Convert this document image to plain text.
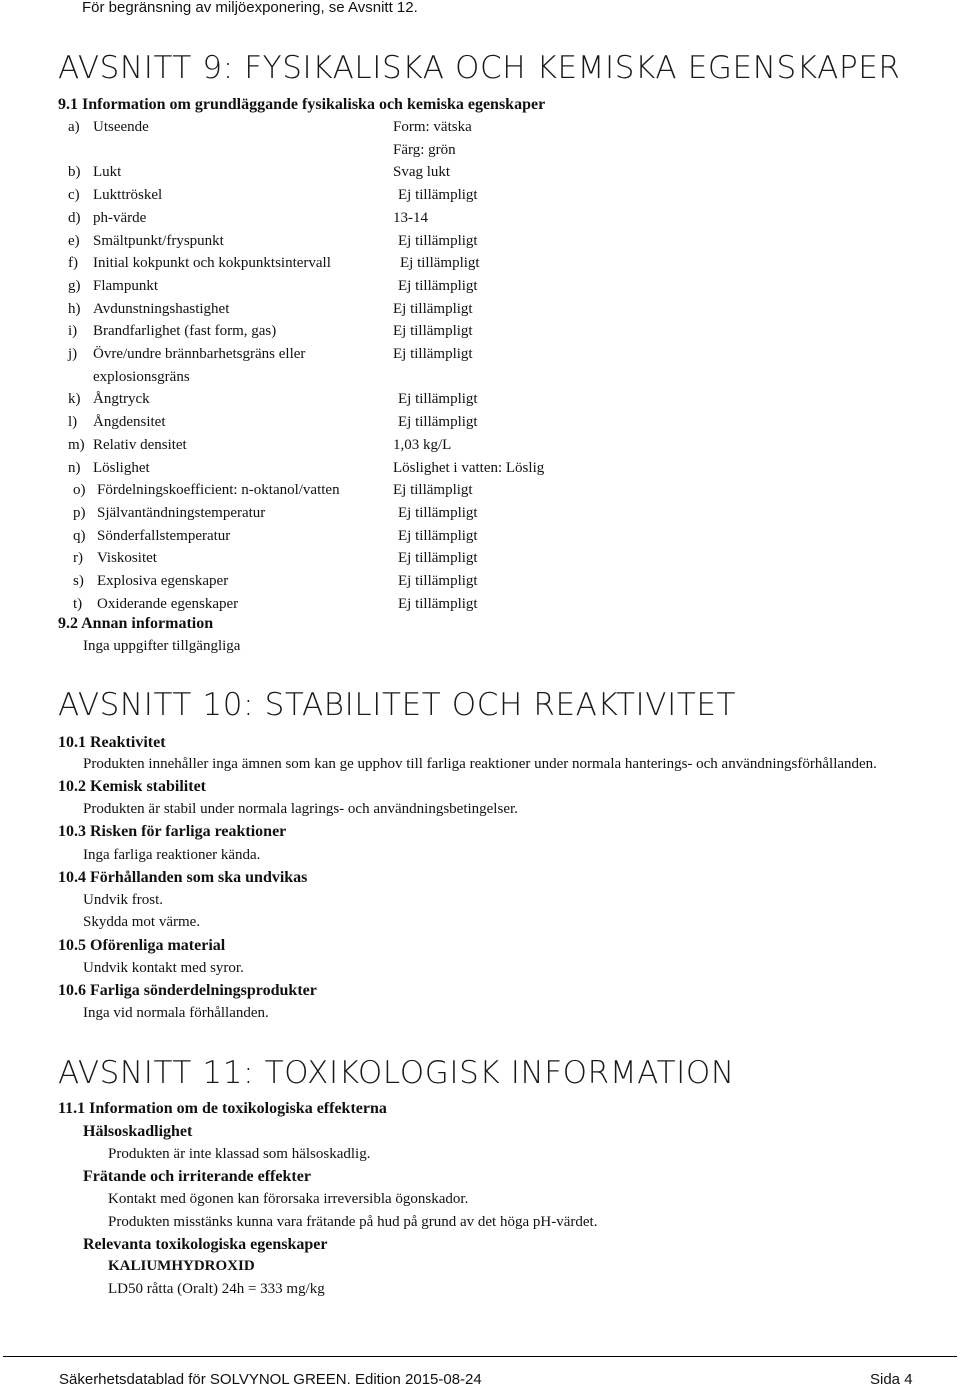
För begränsning av miljöexponering, se Avsnitt 12.
AVSNITT 9: FYSIKALISKA OCH KEMISKA EGENSKAPER
9.1 Information om grundläggande fysikaliska och kemiska egenskaper
a) Utseende	Form: vätska
Färg: grön
b) Lukt	Svag lukt
c) Lukttröskel	Ej tillämpligt
d) ph-värde	13-14
e) Smältpunkt/fryspunkt	Ej tillämpligt
f) Initial kokpunkt och kokpunktsintervall	Ej tillämpligt
g) Flampunkt	Ej tillämpligt
h) Avdunstningshastighet	Ej tillämpligt
i) Brandfarlighet (fast form, gas)	Ej tillämpligt
j) Övre/undre brännbarhetsgräns eller	Ej tillämpligt
explosionsgräns
k) Ångtryck	Ej tillämpligt
l) Ångdensitet	Ej tillämpligt
m) Relativ densitet	1,03 kg/L
n) Löslighet	Löslighet i vatten: Löslig
o) Fördelningskoefficient: n-oktanol/vatten	Ej tillämpligt
p) Självantändningstemperatur	Ej tillämpligt
q) Sönderfallstemperatur	Ej tillämpligt
r) Viskositet	Ej tillämpligt
s) Explosiva egenskaper	Ej tillämpligt
t) Oxiderande egenskaper	Ej tillämpligt
9.2 Annan information
Inga uppgifter tillgängliga
AVSNITT 10: STABILITET OCH REAKTIVITET
10.1 Reaktivitet
Produkten innehåller inga ämnen som kan ge upphov till farliga reaktioner under normala hanterings- och användningsförhållanden.
10.2 Kemisk stabilitet
Produkten är stabil under normala lagrings- och användningsbetingelser.
10.3 Risken för farliga reaktioner
Inga farliga reaktioner kända.
10.4 Förhållanden som ska undvikas
Undvik frost.
Skydda mot värme.
10.5 Oförenliga material
Undvik kontakt med syror.
10.6 Farliga sönderdelningsprodukter
Inga vid normala förhållanden.
AVSNITT 11: TOXIKOLOGISK INFORMATION
11.1 Information om de toxikologiska effekterna
Hälsoskadlighet
Produkten är inte klassad som hälsoskadlig.
Frätande och irriterande effekter
Kontakt med ögonen kan förorsaka irreversibla ögonskador.
Produkten misstänks kunna vara frätande på hud på grund av det höga pH-värdet.
Relevanta toxikologiska egenskaper
KALIUMHYDROXID
LD50 råtta (Oralt) 24h = 333 mg/kg
Säkerhetsdatablad för SOLVYNOL GREEN. Edition 2015-08-24	Sida 4
